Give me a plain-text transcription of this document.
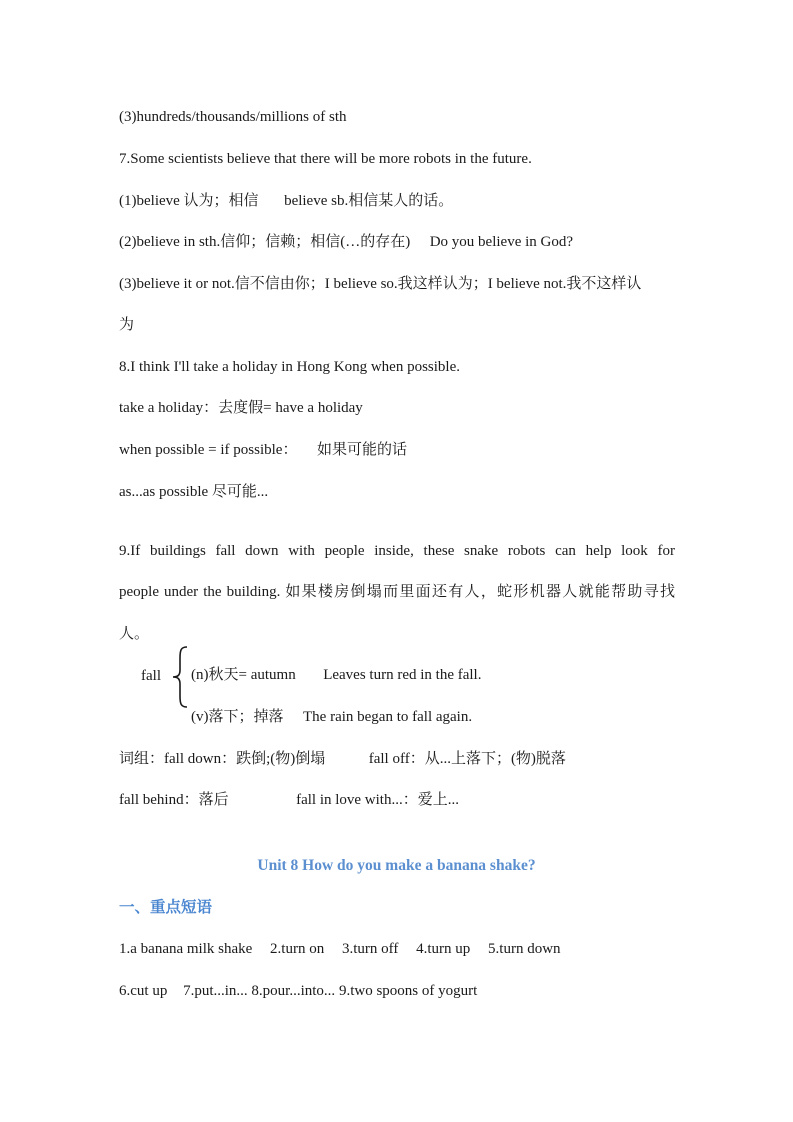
(3)hundreds/thousands/millions of sth
7.Some scientists believe that there will be more robots in the future.
(1)believe 认为；相信 believe sb.相信某人的话。
(2)believe in sth.信仰；信赖；相信(…的存在) Do you believe in God?
(3)believe it or not.信不信由你；I believe so.我这样认为；I believe not.我不这样认
为
8.I think I'll take a holiday in Hong Kong when possible.
take a holiday：去度假= have a holiday
when possible = if possible： 如果可能的话
as...as possible 尽可能...
9.If buildings fall down with people inside, these snake robots can help look for
people under the building. 如果楼房倒塌而里面还有人，蛇形机器人就能帮助寻找
人。
fall (n)秋天= autumn Leaves turn red in the fall.
(v)落下；掉落 The rain began to fall again.
词组：fall down：跌倒;(物)倒塌	fall off：从...上落下；(物)脱落
fall behind：落后	fall in love with...：爱上...
Unit 8 How do you make a banana shake?
一、重点短语
1.a banana milk shake 2.turn on 3.turn off 4.turn up 5.turn down
6.cut up 7.put...in... 8.pour...into... 9.two spoons of yogurt
